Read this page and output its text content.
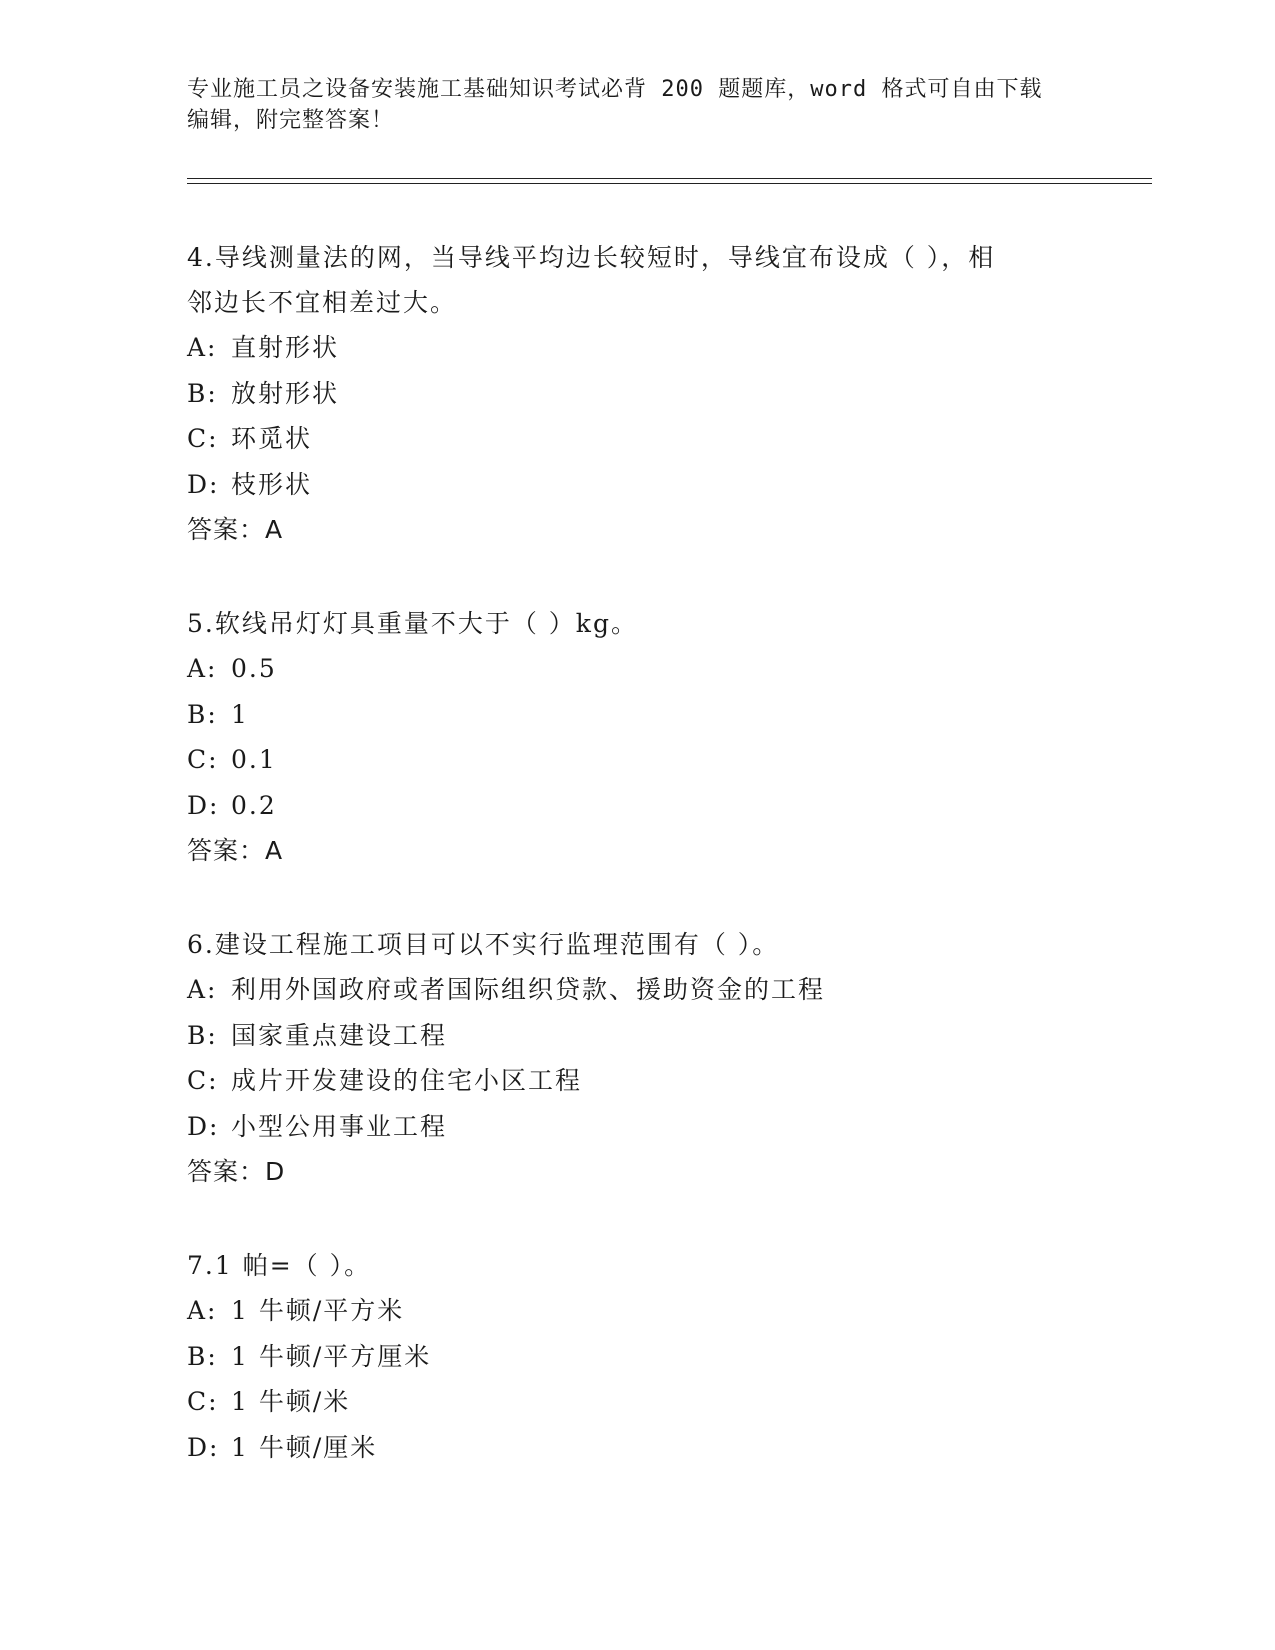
专业施工员之设备安装施工基础知识考试必背 200 题题库，word 格式可自由下载
编辑，附完整答案！

4.导线测量法的网，当导线平均边长较短时，导线宜布设成（ ），相

邻边长不宜相差过大。

A: 直射形状

B: 放射形状

C: 环觅状

D: 枝形状

答案：A

5.软线吊灯灯具重量不大于（ ）kg。

A: 0.5

B: 1

C: 0.1

D: 0.2

答案：A

6.建设工程施工项目可以不实行监理范围有（ ）。

A: 利用外国政府或者国际组织贷款、援助资金的工程

B: 国家重点建设工程

C: 成片开发建设的住宅小区工程

D: 小型公用事业工程

答案：D

7.1 帕=（ ）。

A: 1 牛顿/平方米

B: 1 牛顿/平方厘米

C: 1 牛顿/米

D: 1 牛顿/厘米
